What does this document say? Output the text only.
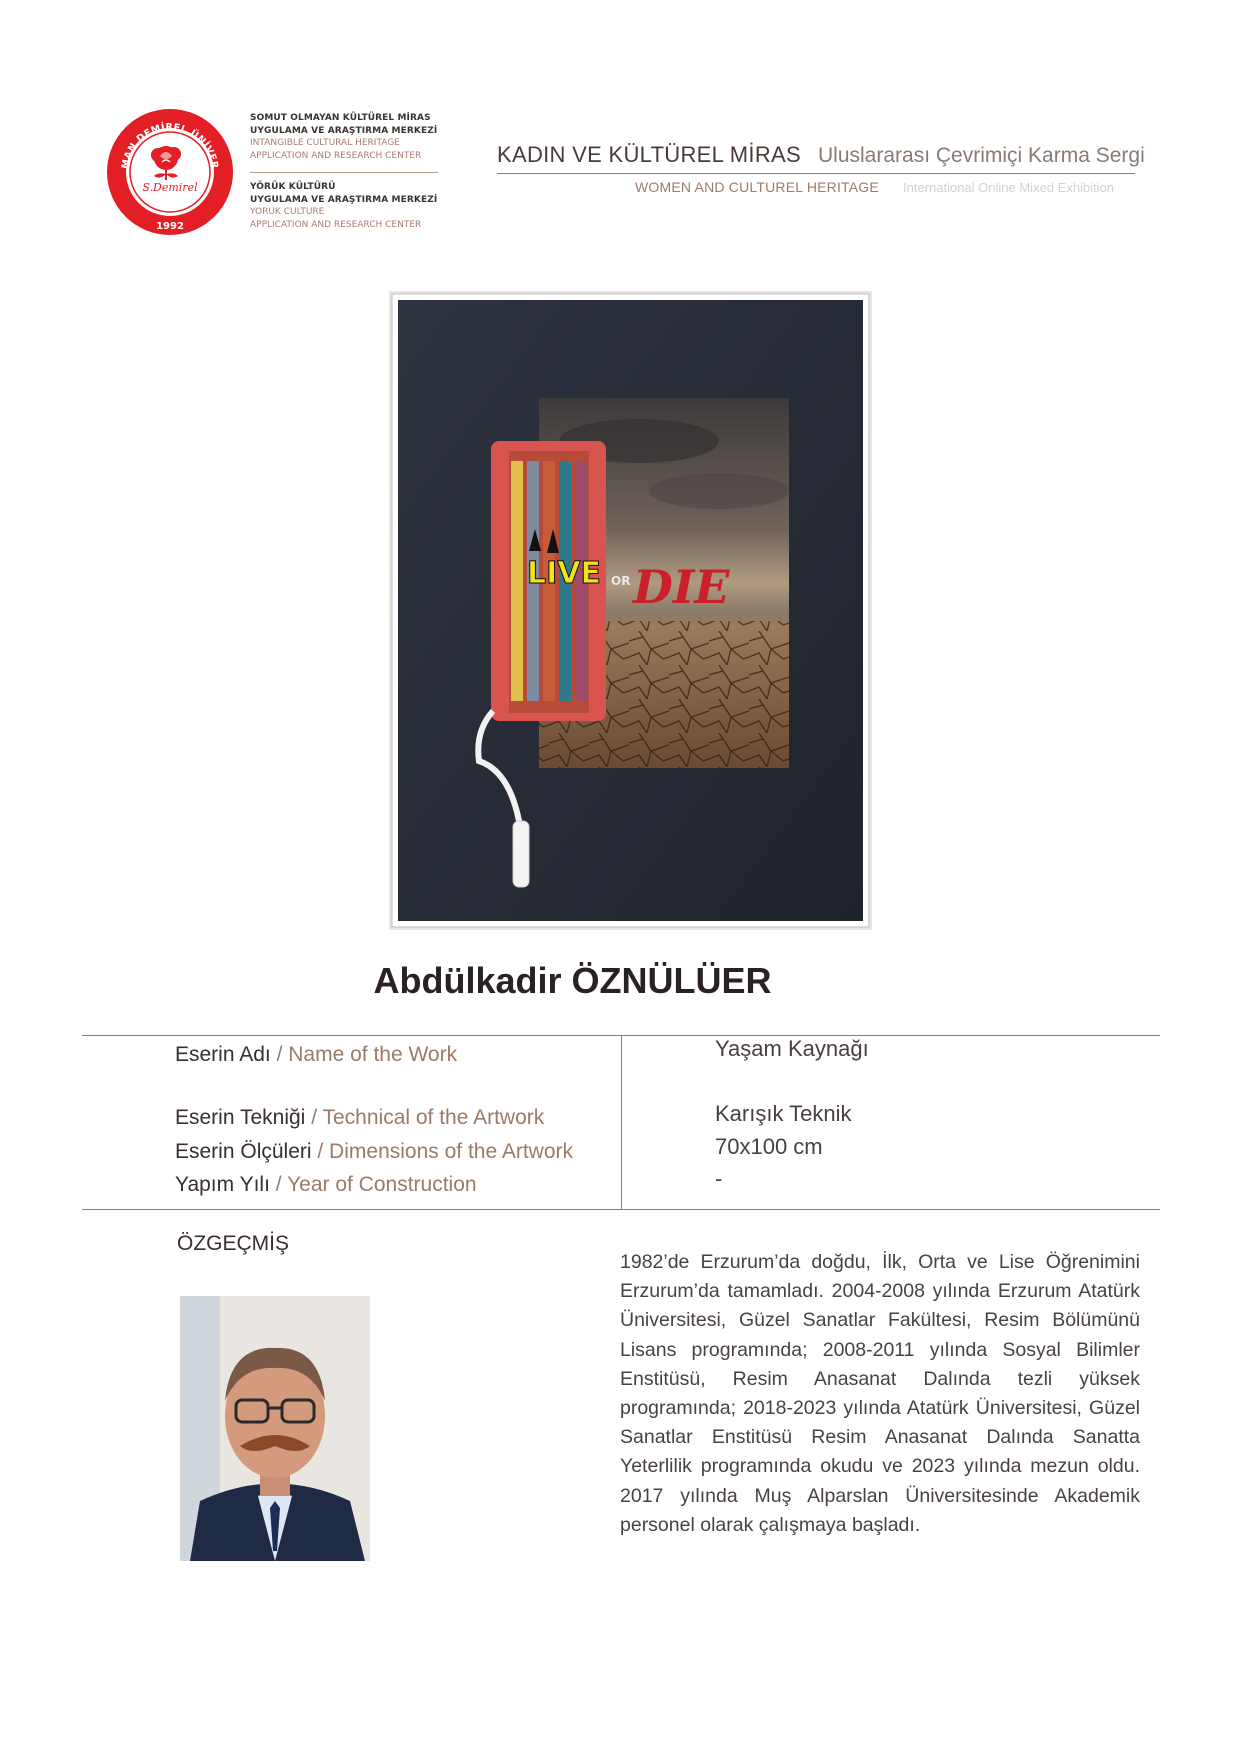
MAN DEMİREL ÜNİVER
S.Demirel
1992
SOMUT OLMAYAN KÜLTÜREL MİRAS
UYGULAMA VE ARAŞTIRMA MERKEZİ
INTANGIBLE CULTURAL HERITAGE
APPLICATION AND RESEARCH CENTER
YÖRÜK KÜLTÜRÜ
UYGULAMA VE ARAŞTIRMA MERKEZİ
YORUK CULTURE
APPLICATION AND RESEARCH CENTER
KADIN VE KÜLTÜREL MİRAS Uluslararası Çevrimiçi Karma Sergi
WOMEN AND CULTUREL HERITAGE International Online Mixed Exhibition
LIVE OR DIE
Abdülkadir ÖZNÜLÜER
Eserin Adı / Name of the Work
Eserin Tekniği / Technical of the Artwork
Eserin Ölçüleri / Dimensions of the Artwork
Yapım Yılı / Year of Construction
Yaşam Kaynağı
Karışık Teknik
70x100 cm
-
ÖZGEÇMİŞ
1982’de Erzurum’da doğdu, İlk, Orta ve Lise Öğrenimini Erzurum’da tamamladı. 2004-2008 yılında Erzurum Atatürk Üniversitesi, Güzel Sanatlar Fakültesi, Resim Bölümünü Lisans programında; 2008-2011 yılında Sosyal Bilimler Enstitüsü, Resim Anasanat Dalında tezli yüksek programında; 2018-2023 yılında Atatürk Üniversitesi, Güzel Sanatlar Enstitüsü Resim Anasanat Dalında Sanatta Yeterlilik programında okudu ve 2023 yılında mezun oldu. 2017 yılında Muş Alparslan Üniversitesinde Akademik personel olarak çalışmaya başladı.
